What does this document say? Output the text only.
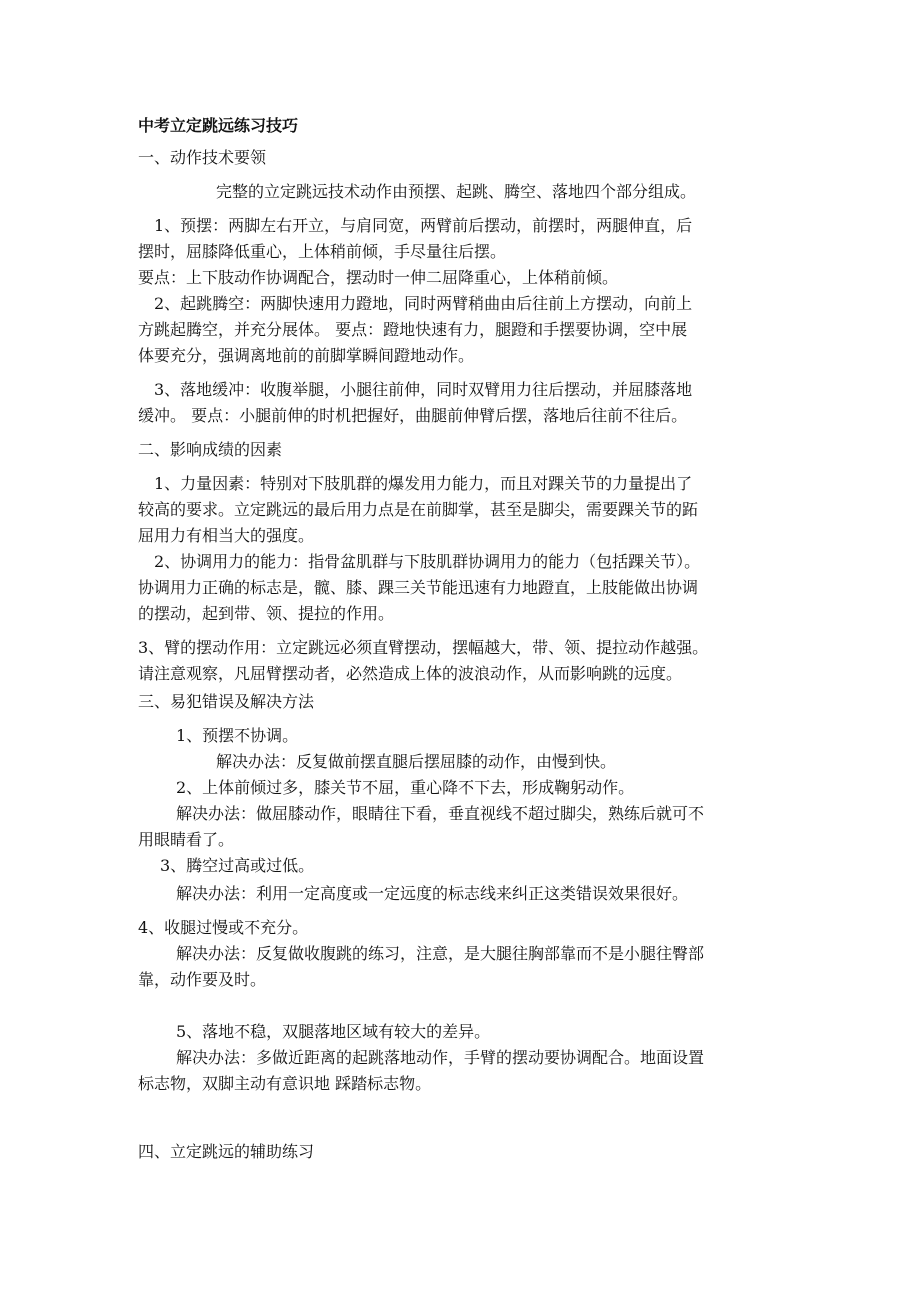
中考立定跳远练习技巧

一、动作技术要领

完整的立定跳远技术动作由预摆、起跳、腾空、落地四个部分组成。

1、预摆：两脚左右开立，与肩同宽，两臂前后摆动，前摆时，两腿伸直，后

摆时，屈膝降低重心，上体稍前倾，手尽量往后摆。

要点：上下肢动作协调配合，摆动时一伸二屈降重心，上体稍前倾。

2、起跳腾空：两脚快速用力蹬地，同时两臂稍曲由后往前上方摆动，向前上

方跳起腾空，并充分展体。 要点：蹬地快速有力，腿蹬和手摆要协调，空中展

体要充分，强调离地前的前脚掌瞬间蹬地动作。

3、落地缓冲：收腹举腿，小腿往前伸，同时双臂用力往后摆动，并屈膝落地

缓冲。 要点：小腿前伸的时机把握好，曲腿前伸臂后摆，落地后往前不往后。

二、影响成绩的因素

1、力量因素：特别对下肢肌群的爆发用力能力，而且对踝关节的力量提出了

较高的要求。立定跳远的最后用力点是在前脚掌，甚至是脚尖，需要踝关节的跖

屈用力有相当大的强度。

2、协调用力的能力：指骨盆肌群与下肢肌群协调用力的能力（包括踝关节）。

协调用力正确的标志是，髋、膝、踝三关节能迅速有力地蹬直，上肢能做出协调

的摆动，起到带、领、提拉的作用。

3、臂的摆动作用：立定跳远必须直臂摆动，摆幅越大，带、领、提拉动作越强。

请注意观察，凡屈臂摆动者，必然造成上体的波浪动作，从而影响跳的远度。

三、易犯错误及解决方法

1、预摆不协调。

解决办法：反复做前摆直腿后摆屈膝的动作，由慢到快。

2、上体前倾过多，膝关节不屈，重心降不下去，形成鞠躬动作。

解决办法：做屈膝动作，眼睛往下看，垂直视线不超过脚尖，熟练后就可不

用眼睛看了。

3、腾空过高或过低。

解决办法：利用一定高度或一定远度的标志线来纠正这类错误效果很好。

4、收腿过慢或不充分。

解决办法：反复做收腹跳的练习，注意，是大腿往胸部靠而不是小腿往臀部

靠，动作要及时。

5、落地不稳，双腿落地区域有较大的差异。

解决办法：多做近距离的起跳落地动作，手臂的摆动要协调配合。地面设置

标志物，双脚主动有意识地 踩踏标志物。

四、立定跳远的辅助练习
